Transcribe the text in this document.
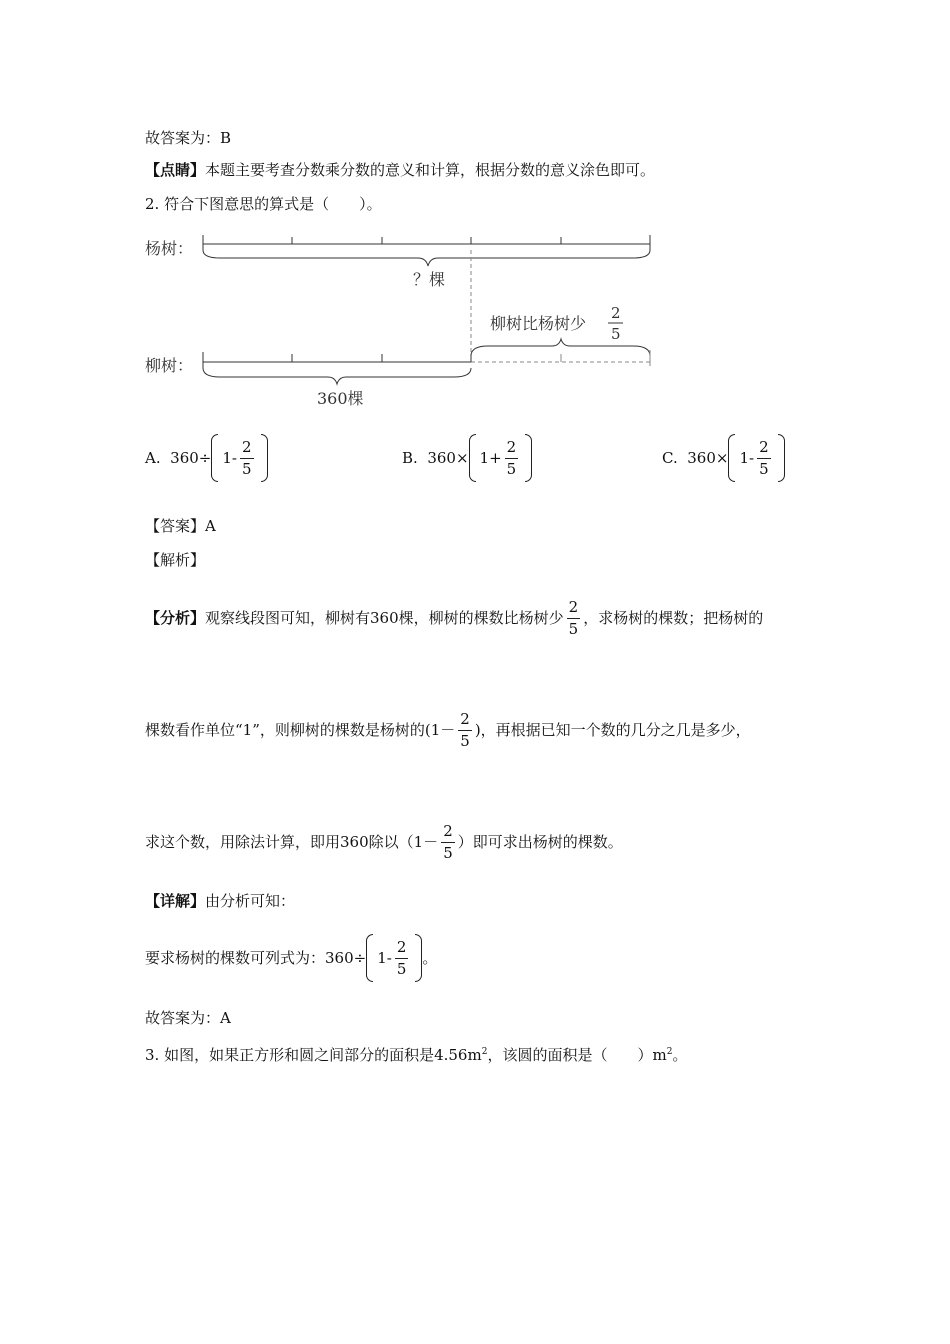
故答案为：B
【点睛】本题主要考查分数乘分数的意义和计算，根据分数的意义涂色即可。
2. 符合下图意思的算式是（　　）。
杨树：
？棵
柳树比杨树少
2
5
柳树：
360棵
A.
$360\div 1- \frac{2}{5}$	B.
$360\times 1+ \frac{2}{5}$	C.
$360\times 1- \frac{2}{5}$
【答案】A
【解析】
【分析】 观察线段图可知，柳树有360棵，柳树的棵数比杨树少 $\frac{2}{5}$ ，求杨树的棵数；把杨树的
棵数看作单位“1”，则柳树的棵数是杨树的($1- \frac{2}{5}$ )，再根据已知一个数的几分之几是多少，
求这个数，用除法计算，即用360除以（$1- \frac{2}{5}$ ）即可求出杨树的棵数。
【详解】由分析可知：
要求杨树的棵数可列式为：$360\div 1- \frac{2}{5}$ 。
故答案为：A
3. 如图，如果正方形和圆之间部分的面积是$4.56m^2$，该圆的面积是（　　）$m^2$。
